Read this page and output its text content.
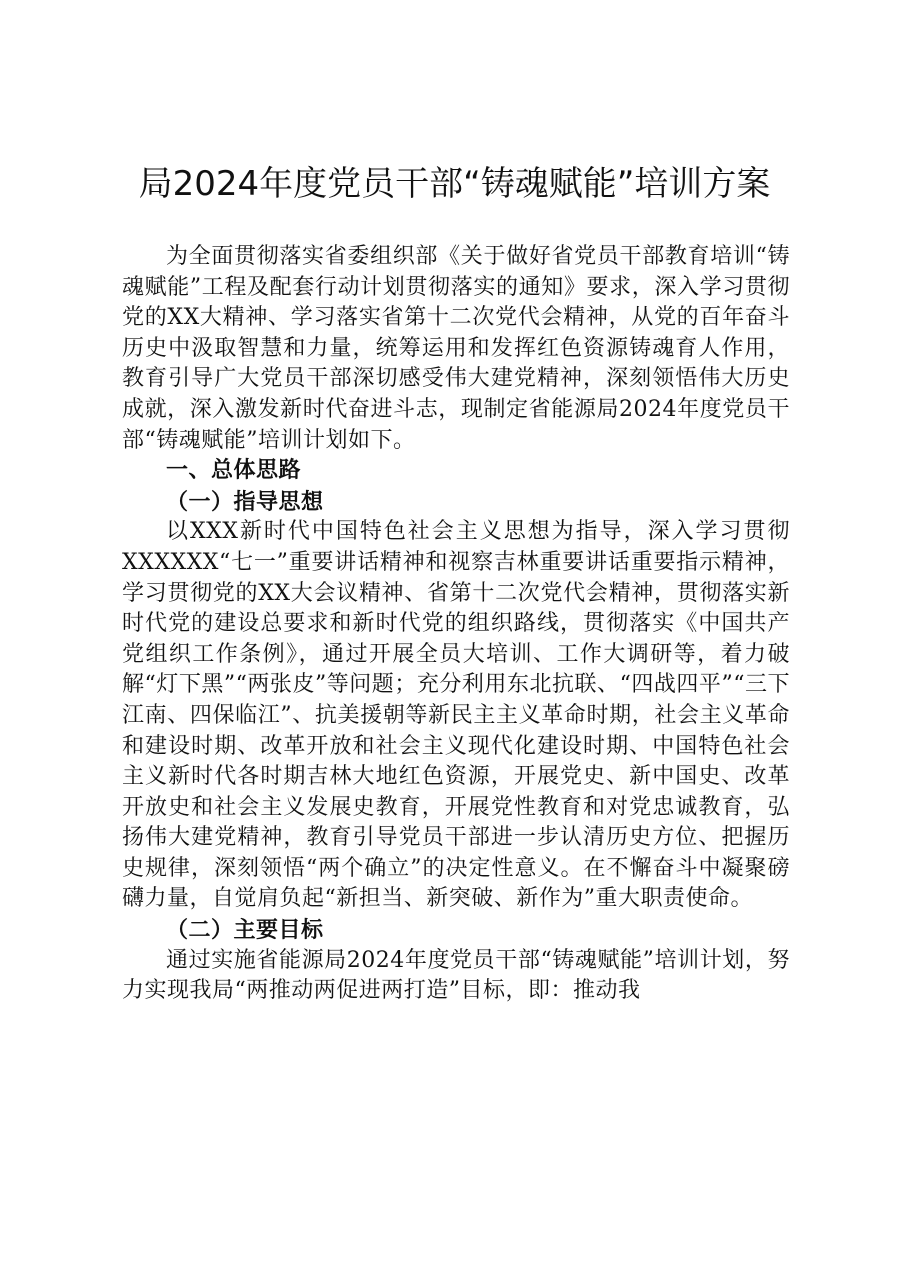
局2024年度党员干部“铸魂赋能”培训方案

为全面贯彻落实省委组织部《关于做好省党员干部教育培训“铸魂赋能”工程及配套行动计划贯彻落实的通知》要求，深入学习贯彻党的XX大精神、学习落实省第十二次党代会精神，从党的百年奋斗历史中汲取智慧和力量，统筹运用和发挥红色资源铸魂育人作用，教育引导广大党员干部深切感受伟大建党精神，深刻领悟伟大历史成就，深入激发新时代奋进斗志，现制定省能源局2024年度党员干部“铸魂赋能”培训计划如下。

一、总体思路

（一）指导思想

以XXX新时代中国特色社会主义思想为指导，深入学习贯彻XXXXXX“七一”重要讲话精神和视察吉林重要讲话重要指示精神，学习贯彻党的XX大会议精神、省第十二次党代会精神，贯彻落实新时代党的建设总要求和新时代党的组织路线，贯彻落实《中国共产党组织工作条例》，通过开展全员大培训、工作大调研等，着力破解“灯下黑”“两张皮”等问题；充分利用东北抗联、“四战四平”“三下江南、四保临江”、抗美援朝等新民主主义革命时期，社会主义革命和建设时期、改革开放和社会主义现代化建设时期、中国特色社会主义新时代各时期吉林大地红色资源，开展党史、新中国史、改革开放史和社会主义发展史教育，开展党性教育和对党忠诚教育，弘扬伟大建党精神，教育引导党员干部进一步认清历史方位、把握历史规律，深刻领悟“两个确立”的决定性意义。在不懈奋斗中凝聚磅礴力量，自觉肩负起“新担当、新突破、新作为”重大职责使命。

（二）主要目标

通过实施省能源局2024年度党员干部“铸魂赋能”培训计划，努力实现我局“两推动两促进两打造”目标，即：推动我
